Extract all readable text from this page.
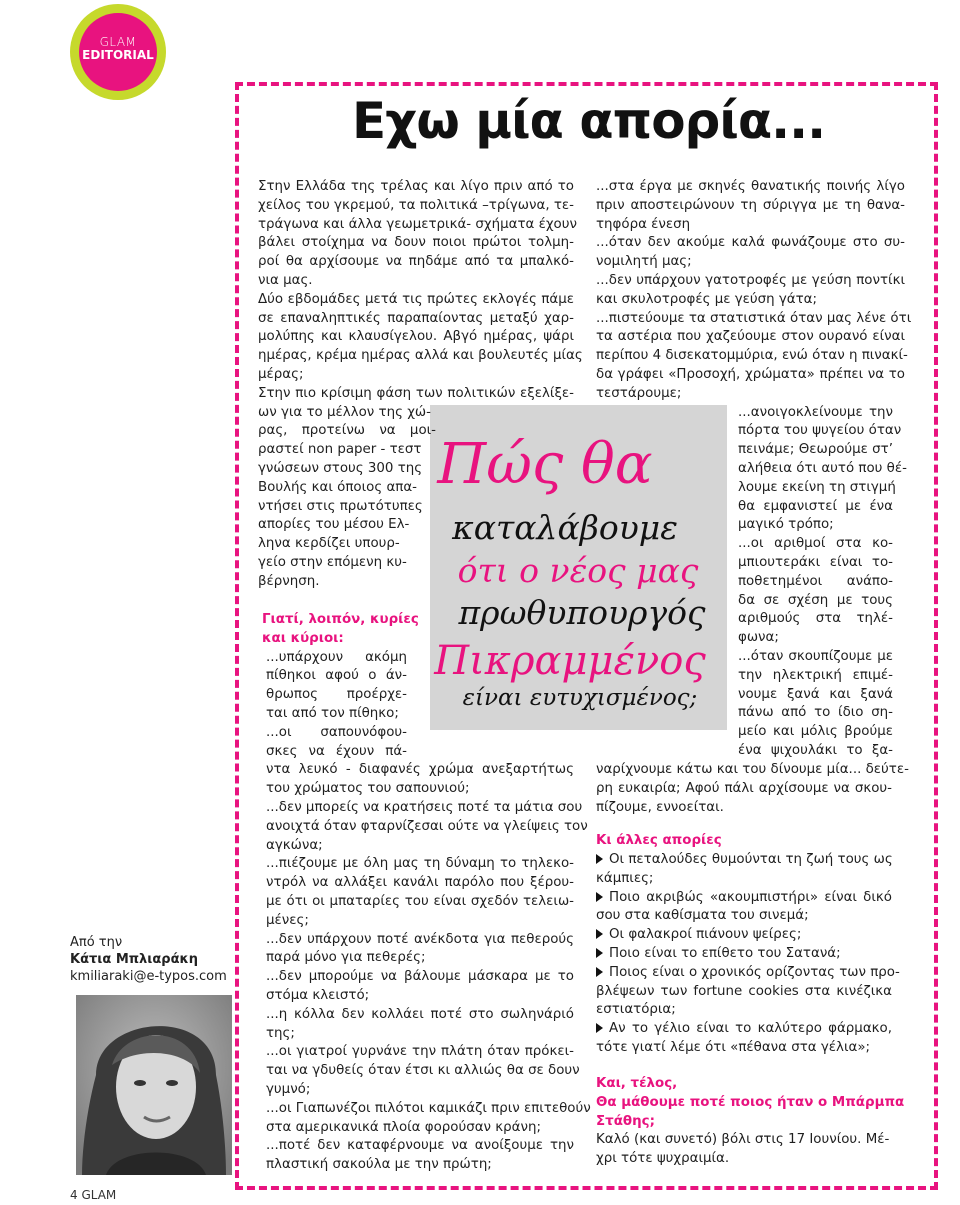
GLAM
EDITORIAL
Εχω μία απορία...
Πώς θα
καταλάβουμε
ότι ο νέος μας
πρωθυπουργός
Πικραμμένος
είναι ευτυχισμένος;
Στην Ελλάδα της τρέλας και λίγο πριν από το
χείλος του γκρεμού, τα πολιτικά –τρίγωνα, τε-
τράγωνα και άλλα γεωμετρικά- σχήματα έχουν
βάλει στοίχημα να δουν ποιοι πρώτοι τολμη-
ροί θα αρχίσουμε να πηδάμε από τα μπαλκό-
νια μας.
Δύο εβδομάδες μετά τις πρώτες εκλογές πάμε
σε επαναληπτικές παραπαίοντας μεταξύ χαρ-
μολύπης και κλαυσίγελου. Αβγό ημέρας, ψάρι
ημέρας, κρέμα ημέρας αλλά και βουλευτές μίας
μέρας;
Στην πιο κρίσιμη φάση των πολιτικών εξελίξε-
ων για το μέλλον της χώ-
ρας, προτείνω να μοι-
ραστεί non paper - τεστ
γνώσεων στους 300 της
Βουλής και όποιος απα-
ντήσει στις πρωτότυπες
απορίες του μέσου Ελ-
ληνα κερδίζει υπουρ-
γείο στην επόμενη κυ-
βέρνηση.
Γιατί, λοιπόν, κυρίες
και κύριοι:
...υπάρχουν ακόμη
πίθηκοι αφού ο άν-
θρωπος προέρχε-
ται από τον πίθηκο;
...οι σαπουνόφου-
σκες να έχουν πά-
ντα λευκό - διαφανές χρώμα ανεξαρτήτως
του χρώματος του σαπουνιού;
...δεν μπορείς να κρατήσεις ποτέ τα μάτια σου
ανοιχτά όταν φταρνίζεσαι ούτε να γλείψεις τον
αγκώνα;
...πιέζουμε με όλη μας τη δύναμη το τηλεκο-
ντρόλ να αλλάξει κανάλι παρόλο που ξέρου-
με ότι οι μπαταρίες του είναι σχεδόν τελειω-
μένες;
...δεν υπάρχουν ποτέ ανέκδοτα για πεθερούς
παρά μόνο για πεθερές;
...δεν μπορούμε να βάλουμε μάσκαρα με το
στόμα κλειστό;
...η κόλλα δεν κολλάει ποτέ στο σωληνάριό
της;
...οι γιατροί γυρνάνε την πλάτη όταν πρόκει-
ται να γδυθείς όταν έτσι κι αλλιώς θα σε δουν
γυμνό;
...οι Γιαπωνέζοι πιλότοι καμικάζι πριν επιτεθούν
στα αμερικανικά πλοία φορούσαν κράνη;
...ποτέ δεν καταφέρνουμε να ανοίξουμε την
πλαστική σακούλα με την πρώτη;
...στα έργα με σκηνές θανατικής ποινής λίγο
πριν αποστειρώνουν τη σύριγγα με τη θανα-
τηφόρα ένεση
...όταν δεν ακούμε καλά φωνάζουμε στο συ-
νομιλητή μας;
...δεν υπάρχουν γατοτροφές με γεύση ποντίκι
και σκυλοτροφές με γεύση γάτα;
...πιστεύουμε τα στατιστικά όταν μας λένε ότι
τα αστέρια που χαζεύουμε στον ουρανό είναι
περίπου 4 δισεκατομμύρια, ενώ όταν η πινακί-
δα γράφει «Προσοχή, χρώματα» πρέπει να το
τεστάρουμε;
...ανοιγοκλείνουμε την
πόρτα του ψυγείου όταν
πεινάμε; Θεωρούμε στ’
αλήθεια ότι αυτό που θέ-
λουμε εκείνη τη στιγμή
θα εμφανιστεί με ένα
μαγικό τρόπο;
...οι αριθμοί στα κο-
μπιουτεράκι είναι το-
ποθετημένοι ανάπο-
δα σε σχέση με τους
αριθμούς στα τηλέ-
φωνα;
...όταν σκουπίζουμε με
την ηλεκτρική επιμέ-
νουμε ξανά και ξανά
πάνω από το ίδιο ση-
μείο και μόλις βρούμε
ένα ψιχουλάκι το ξα-
ναρίχνουμε κάτω και του δίνουμε μία... δεύτε-
ρη ευκαιρία; Αφού πάλι αρχίσουμε να σκου-
πίζουμε, εννοείται.
Κι άλλες απορίες
Οι πεταλούδες θυμούνται τη ζωή τους ως
κάμπιες;
Ποιο ακριβώς «ακουμπιστήρι» είναι δικό
σου στα καθίσματα του σινεμά;
Οι φαλακροί πιάνουν ψείρες;
Ποιο είναι το επίθετο του Σατανά;
Ποιος είναι ο χρονικός ορίζοντας των προ-
βλέψεων των fortune cookies στα κινέζικα
εστιατόρια;
Αν το γέλιο είναι το καλύτερο φάρμακο,
τότε γιατί λέμε ότι «πέθανα στα γέλια»;
Και, τέλος,
Θα μάθουμε ποτέ ποιος ήταν ο Μπάρμπα
Στάθης;
Καλό (και συνετό) βόλι στις 17 Ιουνίου. Μέ-
χρι τότε ψυχραιμία.
Από την
Κάτια Μπλιαράκη
kmiliaraki@e-typos.com
4 GLAM
